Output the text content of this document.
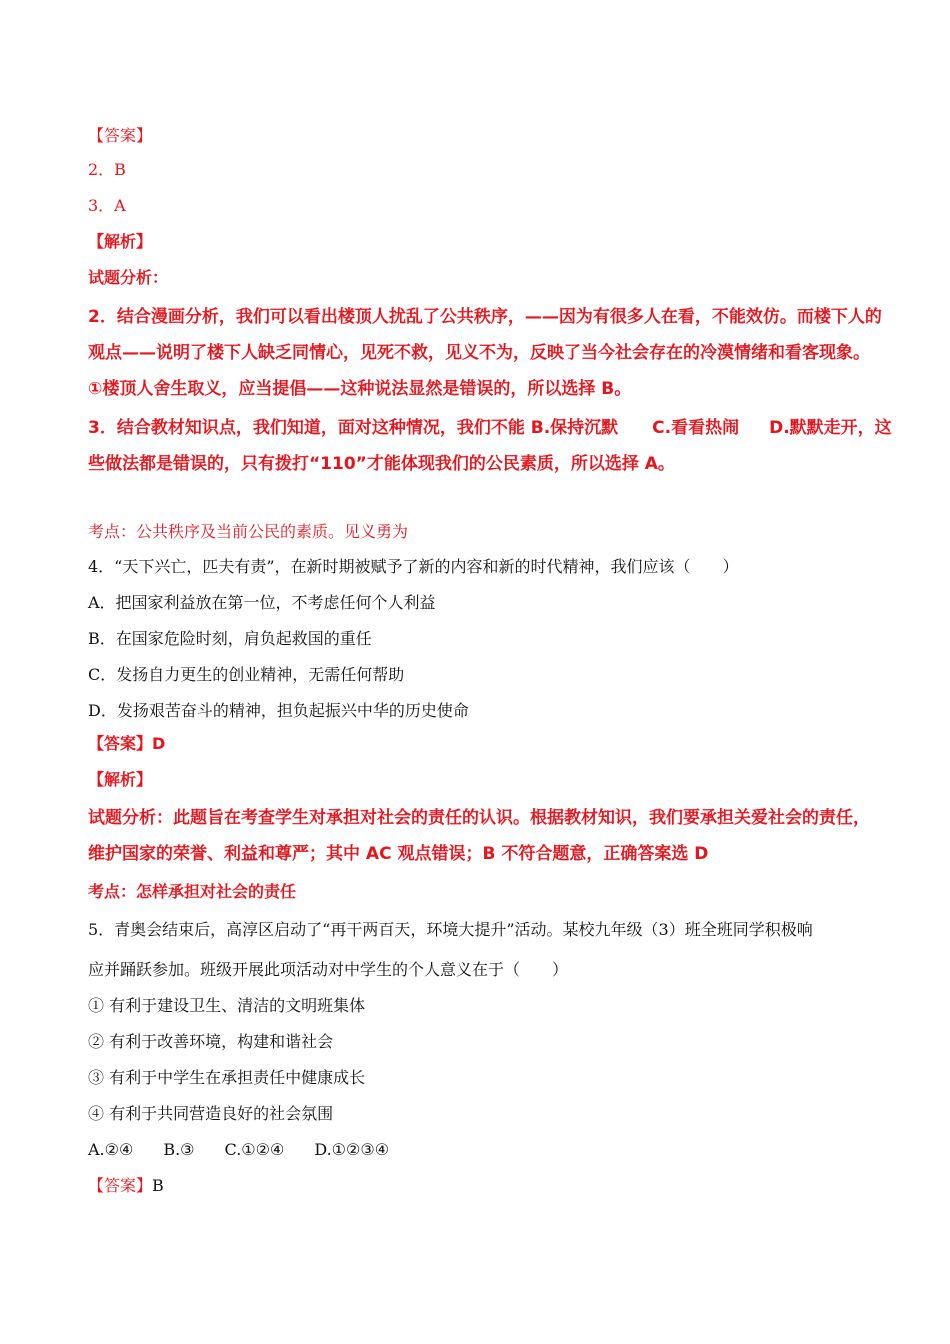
【答案】
2．B
3．A
【解析】
试题分析：
2．结合漫画分析，我们可以看出楼顶人扰乱了公共秩序，——因为有很多人在看，不能效仿。而楼下人的
观点——说明了楼下人缺乏同情心，见死不救，见义不为，反映了当今社会存在的冷漠情绪和看客现象。
①楼顶人舍生取义，应当提倡——这种说法显然是错误的，所以选择 B。
3．结合教材知识点，我们知道，面对这种情况，我们不能 B.保持沉默 C.看看热闹 D.默默走开，这
些做法都是错误的，只有拨打“110”才能体现我们的公民素质，所以选择 A。
考点：公共秩序及当前公民的素质。见义勇为
4．“天下兴亡，匹夫有责”，在新时期被赋予了新的内容和新的时代精神，我们应该（　　）
A．把国家利益放在第一位，不考虑任何个人利益
B．在国家危险时刻，肩负起救国的重任
C．发扬自力更生的创业精神，无需任何帮助
D．发扬艰苦奋斗的精神，担负起振兴中华的历史使命
【答案】D
【解析】
试题分析：此题旨在考查学生对承担对社会的责任的认识。根据教材知识，我们要承担关爱社会的责任，
维护国家的荣誉、利益和尊严；其中 AC 观点错误；B 不符合题意，正确答案选 D
考点：怎样承担对社会的责任
5．青奥会结束后，高淳区启动了“再干两百天，环境大提升”活动。某校九年级（3）班全班同学积极响
应并踊跃参加。班级开展此项活动对中学生的个人意义在于（　　）
① 有利于建设卫生、清洁的文明班集体
② 有利于改善环境，构建和谐社会
③ 有利于中学生在承担责任中健康成长
④ 有利于共同营造良好的社会氛围
A.②④ B.③ C.①②④ D.①②③④
【答案】B
